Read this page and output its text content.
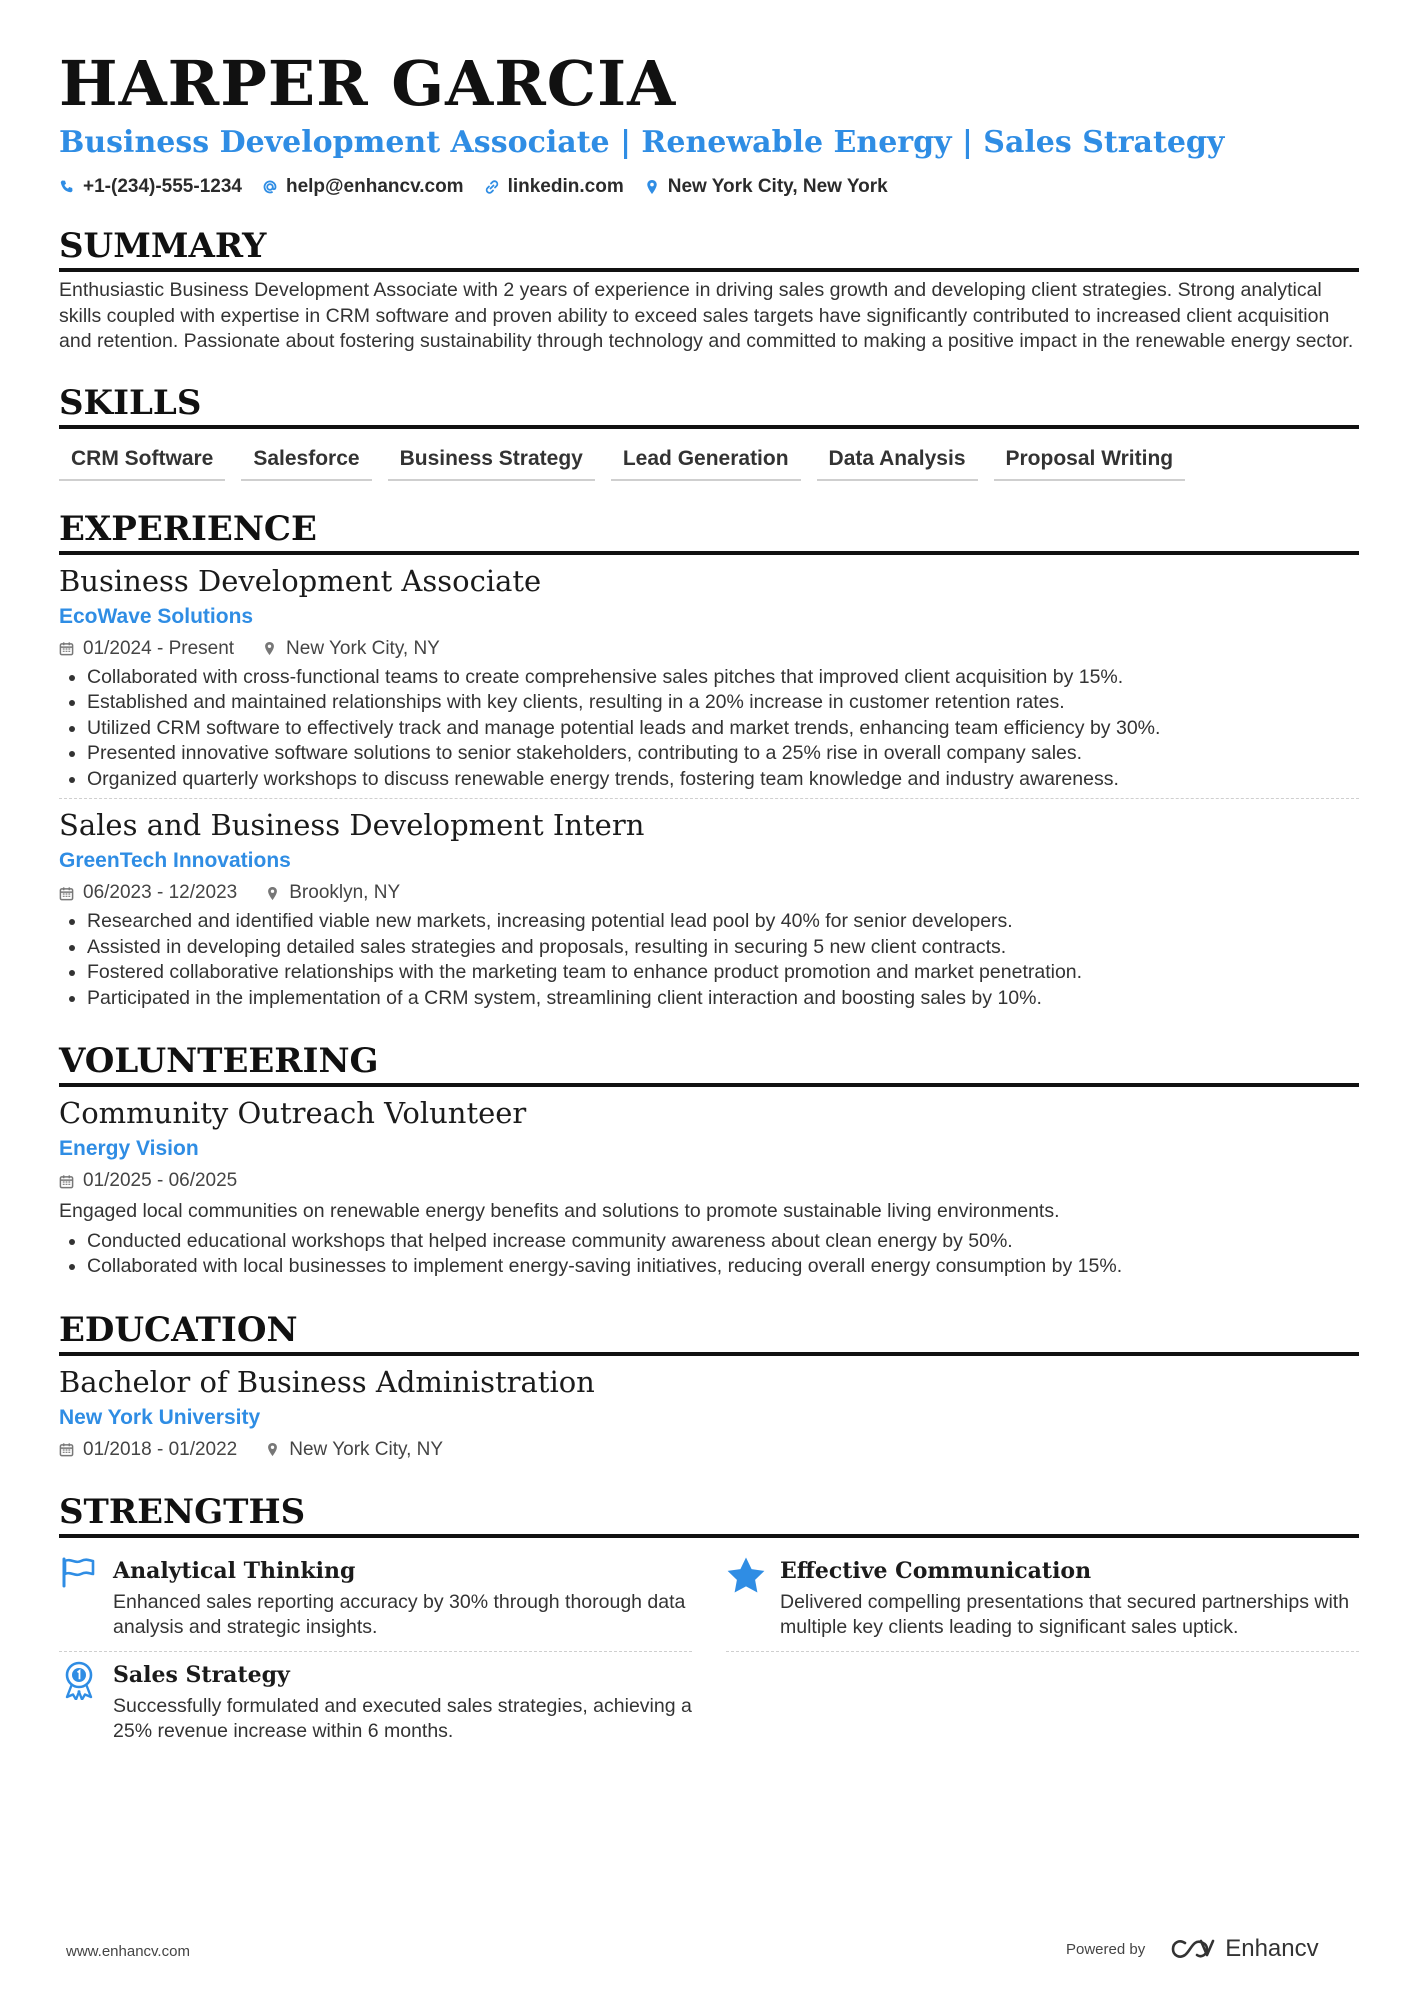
HARPER GARCIA
Business Development Associate | Renewable Energy | Sales Strategy
+1-(234)-555-1234 help@enhancv.com linkedin.com New York City, New York
SUMMARY
Enthusiastic Business Development Associate with 2 years of experience in driving sales growth and developing client strategies. Strong analytical skills coupled with expertise in CRM software and proven ability to exceed sales targets have significantly contributed to increased client acquisition and retention. Passionate about fostering sustainability through technology and committed to making a positive impact in the renewable energy sector.
SKILLS
CRM Software	Salesforce	Business Strategy	Lead Generation	Data Analysis	Proposal Writing
EXPERIENCE
Business Development Associate
EcoWave Solutions
01/2024 - Present	New York City, NY
• Collaborated with cross-functional teams to create comprehensive sales pitches that improved client acquisition by 15%.
• Established and maintained relationships with key clients, resulting in a 20% increase in customer retention rates.
• Utilized CRM software to effectively track and manage potential leads and market trends, enhancing team efficiency by 30%.
• Presented innovative software solutions to senior stakeholders, contributing to a 25% rise in overall company sales.
• Organized quarterly workshops to discuss renewable energy trends, fostering team knowledge and industry awareness.
Sales and Business Development Intern
GreenTech Innovations
06/2023 - 12/2023	Brooklyn, NY
• Researched and identified viable new markets, increasing potential lead pool by 40% for senior developers.
• Assisted in developing detailed sales strategies and proposals, resulting in securing 5 new client contracts.
• Fostered collaborative relationships with the marketing team to enhance product promotion and market penetration.
• Participated in the implementation of a CRM system, streamlining client interaction and boosting sales by 10%.
VOLUNTEERING
Community Outreach Volunteer
Energy Vision
01/2025 - 06/2025
Engaged local communities on renewable energy benefits and solutions to promote sustainable living environments.
• Conducted educational workshops that helped increase community awareness about clean energy by 50%.
• Collaborated with local businesses to implement energy-saving initiatives, reducing overall energy consumption by 15%.
EDUCATION
Bachelor of Business Administration
New York University
01/2018 - 01/2022	New York City, NY
STRENGTHS
Analytical Thinking
Enhanced sales reporting accuracy by 30% through thorough data analysis and strategic insights.
Effective Communication
Delivered compelling presentations that secured partnerships with multiple key clients leading to significant sales uptick.
Sales Strategy
Successfully formulated and executed sales strategies, achieving a 25% revenue increase within 6 months.
www.enhancv.com	Powered by	Enhancv
